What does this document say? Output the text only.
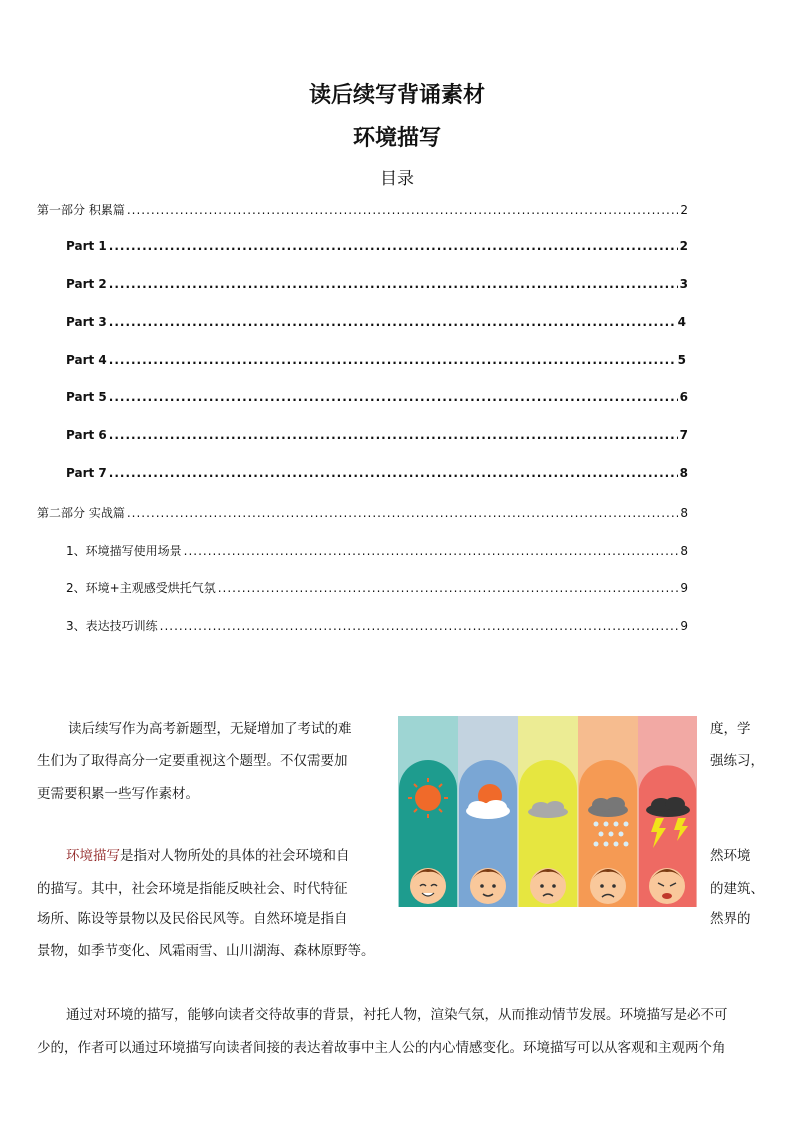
读后续写背诵素材
环境描写
目录
第一部分 积累篇 .....	2
Part 1 .....	2
Part 2 .....	3
Part 3 .....	4
Part 4 .....	5
Part 5 .....	6
Part 6 .....	7
Part 7 .....	8
第二部分 实战篇 .....	8
1、环境描写使用场景 .....	8
2、环境+主观感受烘托气氛 .....	9
3、表达技巧训练 .....	9
读后续写作为高考新题型，无疑增加了考试的难	度，学
生们为了取得高分一定要重视这个题型。不仅需要加	强练习，
更需要积累一些写作素材。
环境描写是指对人物所处的具体的社会环境和自	然环境
的描写。其中，社会环境是指能反映社会、时代特征	的建筑、
场所、陈设等景物以及民俗民风等。自然环境是指自	然界的
景物，如季节变化、风霜雨雪、山川湖海、森林原野等。
通过对环境的描写，能够向读者交待故事的背景，衬托人物，渲染气氛，从而推动情节发展。环境描写是必不可
少的，作者可以通过环境描写向读者间接的表达着故事中主人公的内心情感变化。环境描写可以从客观和主观两个角
